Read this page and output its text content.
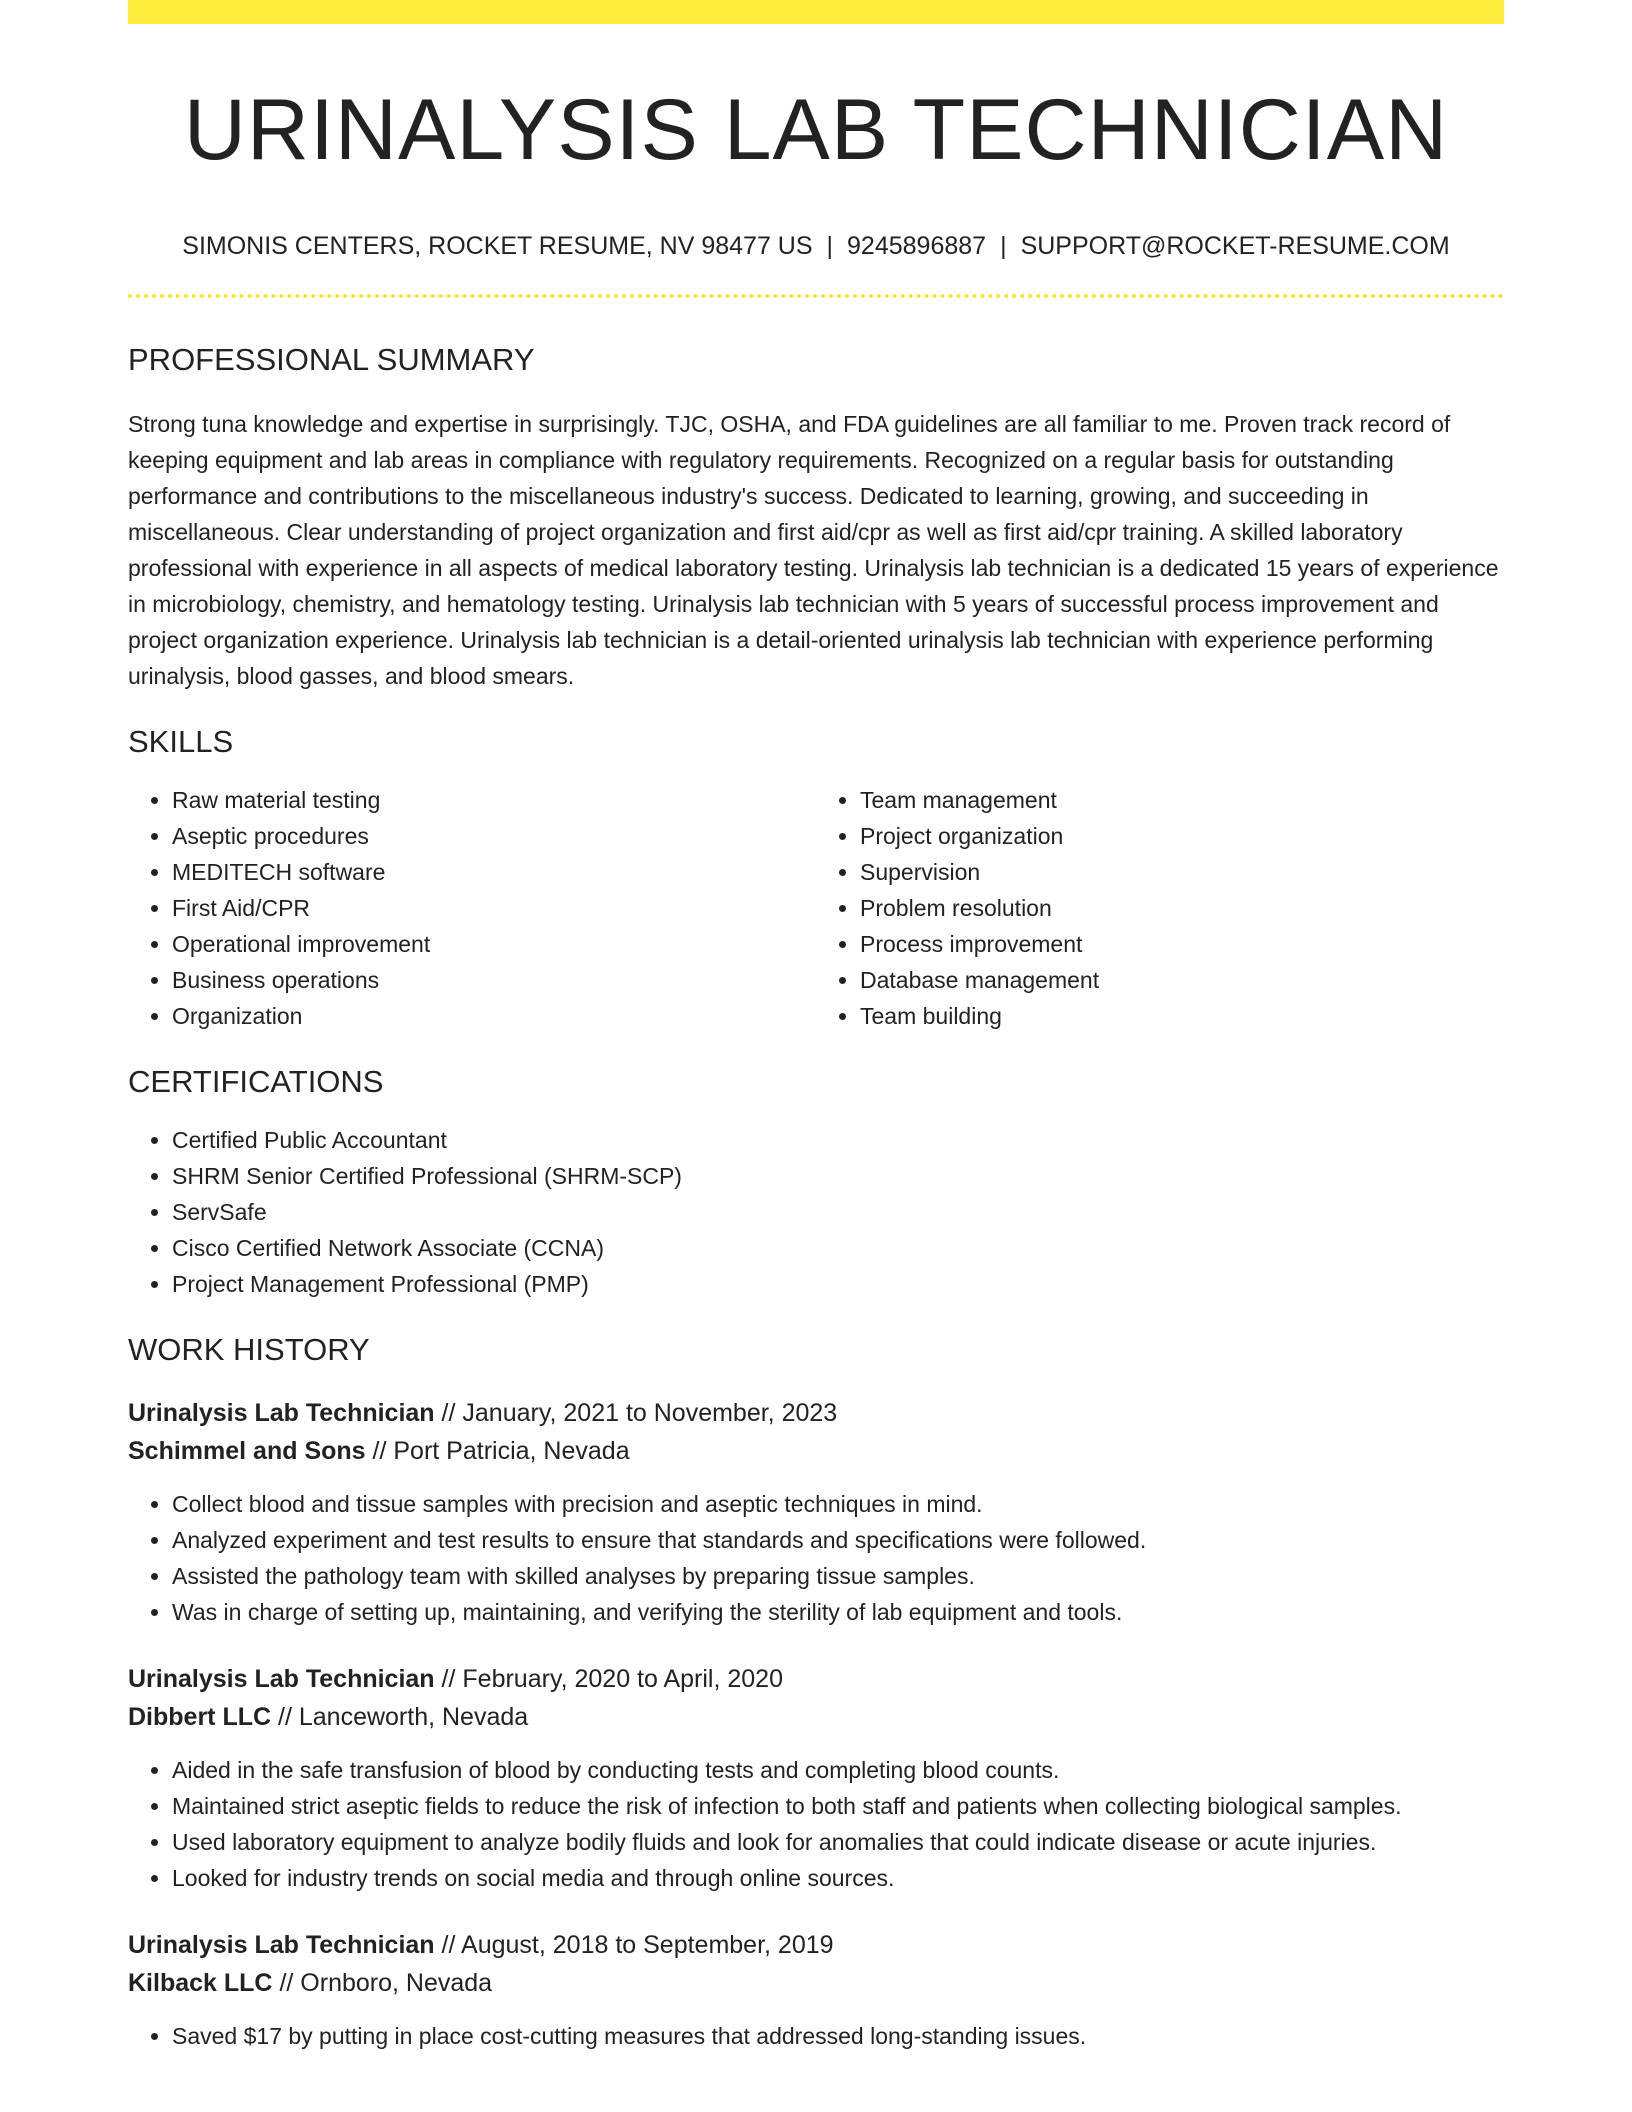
URINALYSIS LAB TECHNICIAN
SIMONIS CENTERS, ROCKET RESUME, NV 98477 US | 9245896887 | SUPPORT@ROCKET-RESUME.COM
PROFESSIONAL SUMMARY

Strong tuna knowledge and expertise in surprisingly. TJC, OSHA, and FDA guidelines are all familiar to me. Proven track record of keeping equipment and lab areas in compliance with regulatory requirements. Recognized on a regular basis for outstanding performance and contributions to the miscellaneous industry's success. Dedicated to learning, growing, and succeeding in miscellaneous. Clear understanding of project organization and first aid/cpr as well as first aid/cpr training. A skilled laboratory professional with experience in all aspects of medical laboratory testing. Urinalysis lab technician is a dedicated 15 years of experience in microbiology, chemistry, and hematology testing. Urinalysis lab technician with 5 years of successful process improvement and project organization experience. Urinalysis lab technician is a detail-oriented urinalysis lab technician with experience performing urinalysis, blood gasses, and blood smears.

SKILLS
• Raw material testing
• Aseptic procedures
• MEDITECH software
• First Aid/CPR
• Operational improvement
• Business operations
• Organization
• Team management
• Project organization
• Supervision
• Problem resolution
• Process improvement
• Database management
• Team building
CERTIFICATIONS
• Certified Public Accountant
• SHRM Senior Certified Professional (SHRM-SCP)
• ServSafe
• Cisco Certified Network Associate (CCNA)
• Project Management Professional (PMP)
WORK HISTORY
Urinalysis Lab Technician // January, 2021 to November, 2023
Schimmel and Sons // Port Patricia, Nevada
• Collect blood and tissue samples with precision and aseptic techniques in mind.
• Analyzed experiment and test results to ensure that standards and specifications were followed.
• Assisted the pathology team with skilled analyses by preparing tissue samples.
• Was in charge of setting up, maintaining, and verifying the sterility of lab equipment and tools.
Urinalysis Lab Technician // February, 2020 to April, 2020
Dibbert LLC // Lanceworth, Nevada
• Aided in the safe transfusion of blood by conducting tests and completing blood counts.
• Maintained strict aseptic fields to reduce the risk of infection to both staff and patients when collecting biological samples.
• Used laboratory equipment to analyze bodily fluids and look for anomalies that could indicate disease or acute injuries.
• Looked for industry trends on social media and through online sources.
Urinalysis Lab Technician // August, 2018 to September, 2019
Kilback LLC // Ornboro, Nevada
• Saved $17 by putting in place cost-cutting measures that addressed long-standing issues.
